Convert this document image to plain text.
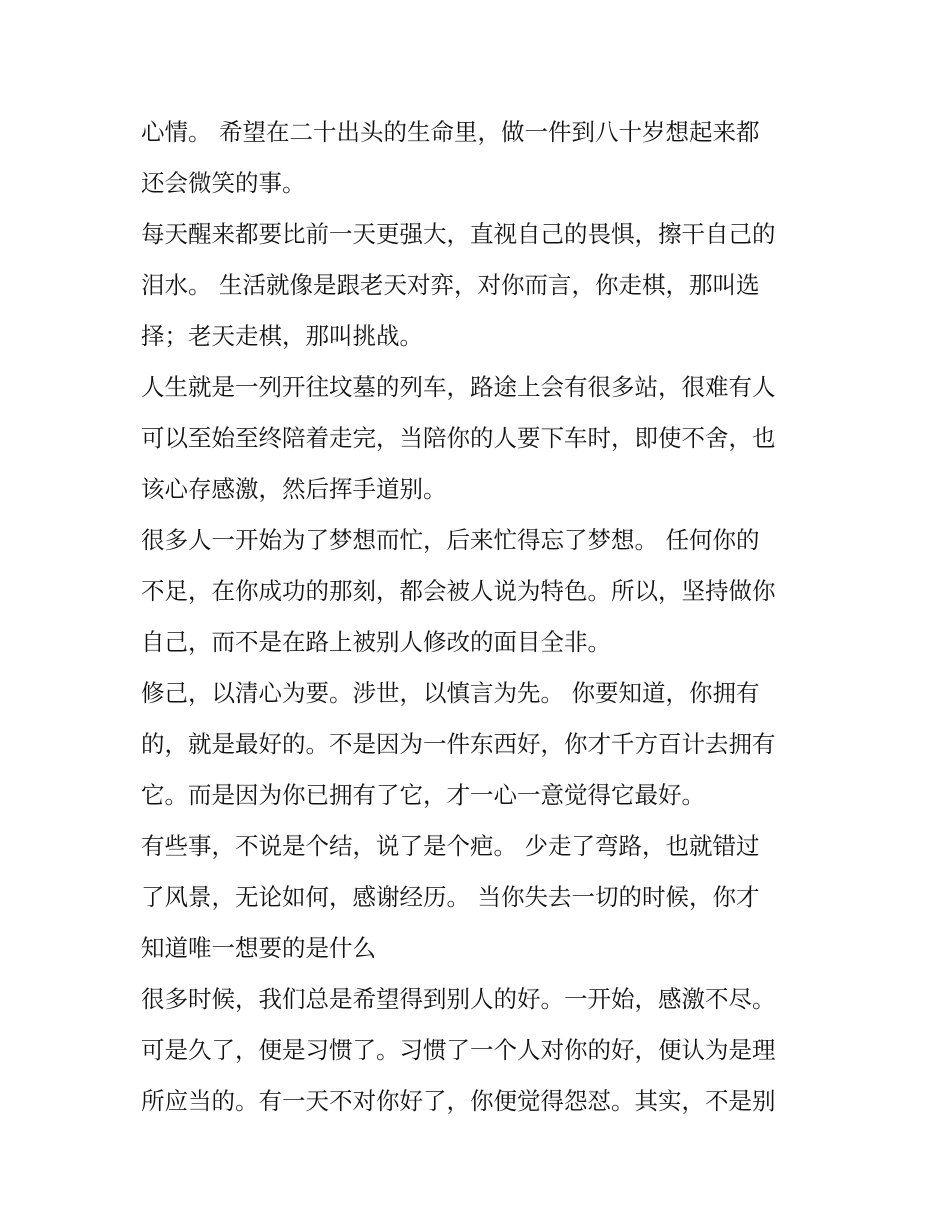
心情。 希望在二十出头的生命里，做一件到八十岁想起来都
还会微笑的事。
每天醒来都要比前一天更强大，直视自己的畏惧，擦干自己的
泪水。 生活就像是跟老天对弈，对你而言，你走棋，那叫选
择；老天走棋，那叫挑战。
人生就是一列开往坟墓的列车，路途上会有很多站，很难有人
可以至始至终陪着走完，当陪你的人要下车时，即使不舍，也
该心存感激，然后挥手道别。
很多人一开始为了梦想而忙，后来忙得忘了梦想。 任何你的
不足，在你成功的那刻，都会被人说为特色。所以，坚持做你
自己，而不是在路上被别人修改的面目全非。
修己，以清心为要。涉世，以慎言为先。 你要知道，你拥有
的，就是最好的。不是因为一件东西好，你才千方百计去拥有
它。而是因为你已拥有了它，才一心一意觉得它最好。
有些事，不说是个结，说了是个疤。 少走了弯路，也就错过
了风景，无论如何，感谢经历。 当你失去一切的时候，你才
知道唯一想要的是什么
很多时候，我们总是希望得到别人的好。一开始，感激不尽。
可是久了，便是习惯了。习惯了一个人对你的好，便认为是理
所应当的。有一天不对你好了，你便觉得怨怼。其实，不是别
